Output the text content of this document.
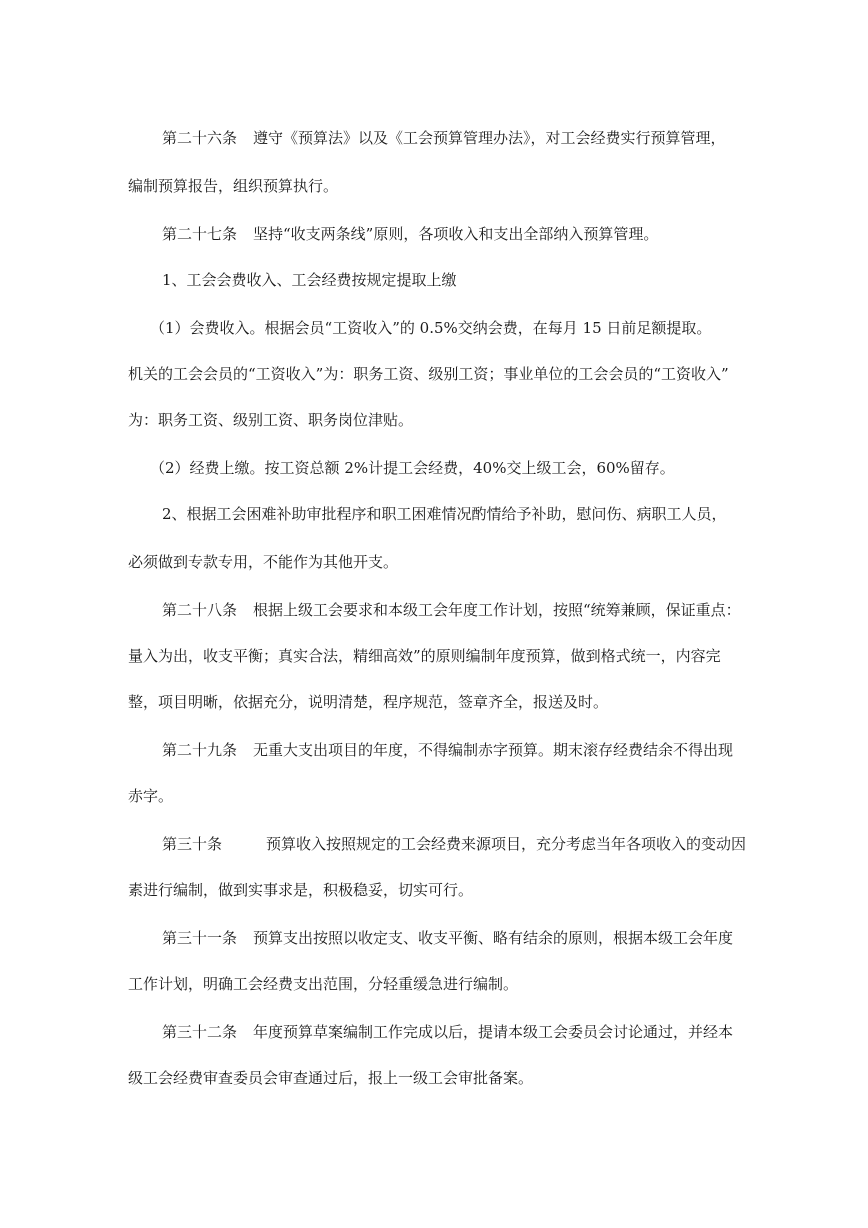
第二十六条 遵守《预算法》以及《工会预算管理办法》，对工会经费实行预算管理，
编制预算报告，组织预算执行。
第二十七条 坚持“收支两条线”原则，各项收入和支出全部纳入预算管理。
1、工会会费收入、工会经费按规定提取上缴
（1）会费收入。根据会员“工资收入”的 0.5%交纳会费，在每月 15 日前足额提取。
机关的工会会员的“工资收入”为：职务工资、级别工资；事业单位的工会会员的“工资收入”
为：职务工资、级别工资、职务岗位津贴。
（2）经费上缴。按工资总额 2%计提工会经费，40%交上级工会，60%留存。
2、根据工会困难补助审批程序和职工困难情况酌情给予补助，慰问伤、病职工人员，
必须做到专款专用，不能作为其他开支。
第二十八条 根据上级工会要求和本级工会年度工作计划，按照“统筹兼顾，保证重点：
量入为出，收支平衡；真实合法，精细高效”的原则编制年度预算，做到格式统一，内容完
整，项目明晰，依据充分，说明清楚，程序规范，签章齐全，报送及时。
第二十九条 无重大支出项目的年度，不得编制赤字预算。期末滚存经费结余不得出现
赤字。
第三十条	预算收入按照规定的工会经费来源项目，充分考虑当年各项收入的变动因
素进行编制，做到实事求是，积极稳妥，切实可行。
第三十一条 预算支出按照以收定支、收支平衡、略有结余的原则，根据本级工会年度
工作计划，明确工会经费支出范围，分轻重缓急进行编制。
第三十二条 年度预算草案编制工作完成以后，提请本级工会委员会讨论通过，并经本
级工会经费审查委员会审查通过后，报上一级工会审批备案。
